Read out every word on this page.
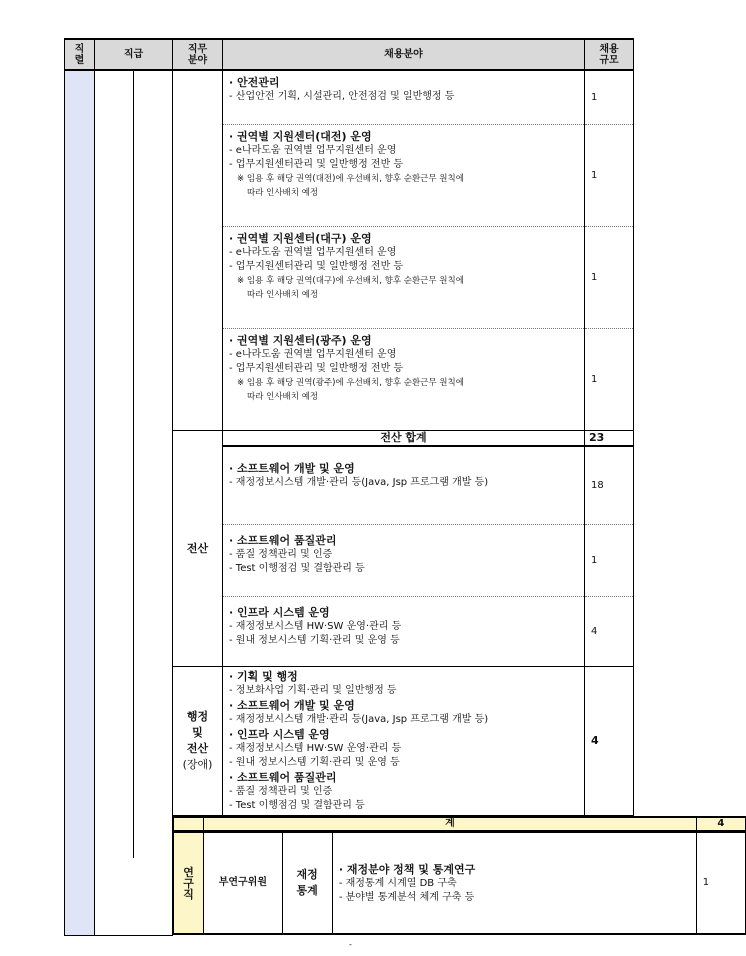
직렬	직급	직무분야	채용분야	채용규모

· 안전관리
- 산업안전 기획, 시설관리, 안전점검 및 일반행정 등	1

· 권역별 지원센터(대전) 운영
- e나라도움 권역별 업무지원센터 운영
- 업무지원센터관리 및 일반행정 전반 등
※ 임용 후 해당 권역(대전)에 우선배치, 향후 순환근무 원칙에
따라 인사배치 예정
	1

· 권역별 지원센터(대구) 운영
- e나라도움 권역별 업무지원센터 운영
- 업무지원센터관리 및 일반행정 전반 등
※ 임용 후 해당 권역(대구)에 우선배치, 향후 순환근무 원칙에
따라 인사배치 예정
	1

· 권역별 지원센터(광주) 운영
- e나라도움 권역별 업무지원센터 운영
- 업무지원센터관리 및 일반행정 전반 등
※ 임용 후 해당 권역(광주)에 우선배치, 향후 순환근무 원칙에
따라 인사배치 예정
	1
전산	전산 합계	23

· 소프트웨어 개발 및 운영
- 재정정보시스템 개발·관리 등(Java, Jsp 프로그램 개발 등)	18

· 소프트웨어 품질관리
- 품질 정책관리 및 인증
- Test 이행점검 및 결함관리 등
	1

· 인프라 시스템 운영
- 재정정보시스템 HW·SW 운영·관리 등
- 원내 정보시스템 기획·관리 및 운영 등
	4

행정
및
전산
(장애)

· 기획 및 행정
- 정보화사업 기획·관리 및 일반행정 등
· 소프트웨어 개발 및 운영
- 재정정보시스템 개발·관리 등(Java, Jsp 프로그램 개발 등)
· 인프라 시스템 운영
- 재정정보시스템 HW·SW 운영·관리 등
- 원내 정보시스템 기획·관리 및 운영 등
· 소프트웨어 품질관리
- 품질 정책관리 및 인증
- Test 이행점검 및 결함관리 등
	4

	계	4

연구직	부연구위원	
재정
통계

· 재정분야 정책 및 통계연구
- 재정통계 시계열 DB 구축
- 분야별 통계분석 체계 구축 등
	1
-
